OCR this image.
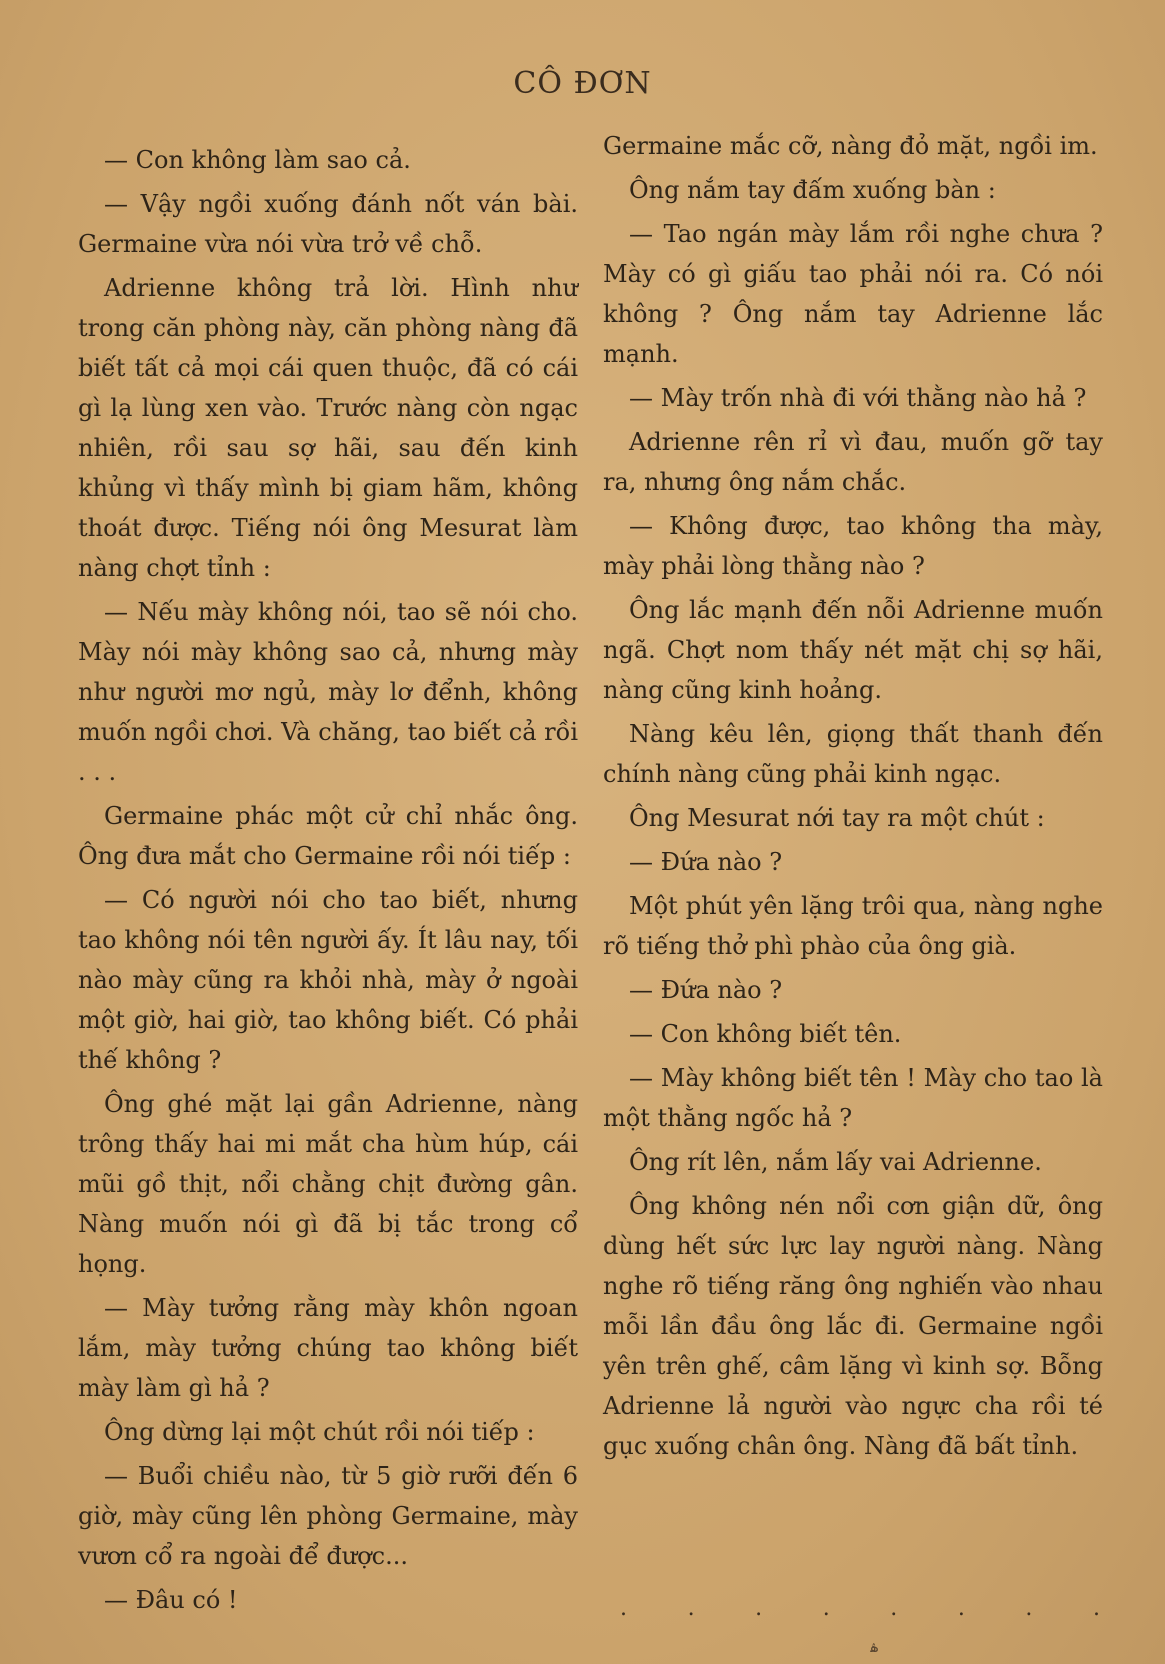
CÔ ĐƠN

— Con không làm sao cả.

— Vậy ngồi xuống đánh nốt ván bài. Germaine vừa nói vừa trở về chỗ.

Adrienne không trả lời. Hình như trong căn phòng này, căn phòng nàng đã biết tất cả mọi cái quen thuộc, đã có cái gì lạ lùng xen vào. Trước nàng còn ngạc nhiên, rồi sau sợ hãi, sau đến kinh khủng vì thấy mình bị giam hãm, không thoát được. Tiếng nói ông Mesurat làm nàng chợt tỉnh :

— Nếu mày không nói, tao sẽ nói cho. Mày nói mày không sao cả, nhưng mày như người mơ ngủ, mày lơ đểnh, không muốn ngồi chơi. Và chăng, tao biết cả rồi . . .

Germaine phác một cử chỉ nhắc ông. Ông đưa mắt cho Germaine rồi nói tiếp :

— Có người nói cho tao biết, nhưng tao không nói tên người ấy. Ít lâu nay, tối nào mày cũng ra khỏi nhà, mày ở ngoài một giờ, hai giờ, tao không biết. Có phải thế không ?

Ông ghé mặt lại gần Adrienne, nàng trông thấy hai mi mắt cha hùm húp, cái mũi gồ thịt, nổi chằng chịt đường gân. Nàng muốn nói gì đã bị tắc trong cổ họng.

— Mày tưởng rằng mày khôn ngoan lắm, mày tưởng chúng tao không biết mày làm gì hả ?

Ông dừng lại một chút rồi nói tiếp :

— Buổi chiều nào, từ 5 giờ rưỡi đến 6 giờ, mày cũng lên phòng Germaine, mày vươn cổ ra ngoài để được...

— Đâu có !

Germaine mắc cỡ, nàng đỏ mặt, ngồi im.

Ông nắm tay đấm xuống bàn :

— Tao ngán mày lắm rồi nghe chưa ? Mày có gì giấu tao phải nói ra. Có nói không ? Ông nắm tay Adrienne lắc mạnh.

— Mày trốn nhà đi với thằng nào hả ?

Adrienne rên rỉ vì đau, muốn gỡ tay ra, nhưng ông nắm chắc.

— Không được, tao không tha mày, mày phải lòng thằng nào ?

Ông lắc mạnh đến nỗi Adrienne muốn ngã. Chợt nom thấy nét mặt chị sợ hãi, nàng cũng kinh hoảng.

Nàng kêu lên, giọng thất thanh đến chính nàng cũng phải kinh ngạc.

Ông Mesurat nới tay ra một chút :

— Đứa nào ?

Một phút yên lặng trôi qua, nàng nghe rõ tiếng thở phì phào của ông già.

— Đứa nào ?

— Con không biết tên.

— Mày không biết tên ! Mày cho tao là một thằng ngốc hả ?

Ông rít lên, nắm lấy vai Adrienne.

Ông không nén nổi cơn giận dữ, ông dùng hết sức lực lay người nàng. Nàng nghe rõ tiếng răng ông nghiến vào nhau mỗi lần đầu ông lắc đi. Germaine ngồi yên trên ghế, câm lặng vì kinh sợ. Bỗng Adrienne lả người vào ngực cha rồi té gục xuống chân ông. Nàng đã bất tỉnh.

.	.	.	.	.	.	.	.
ۿ
